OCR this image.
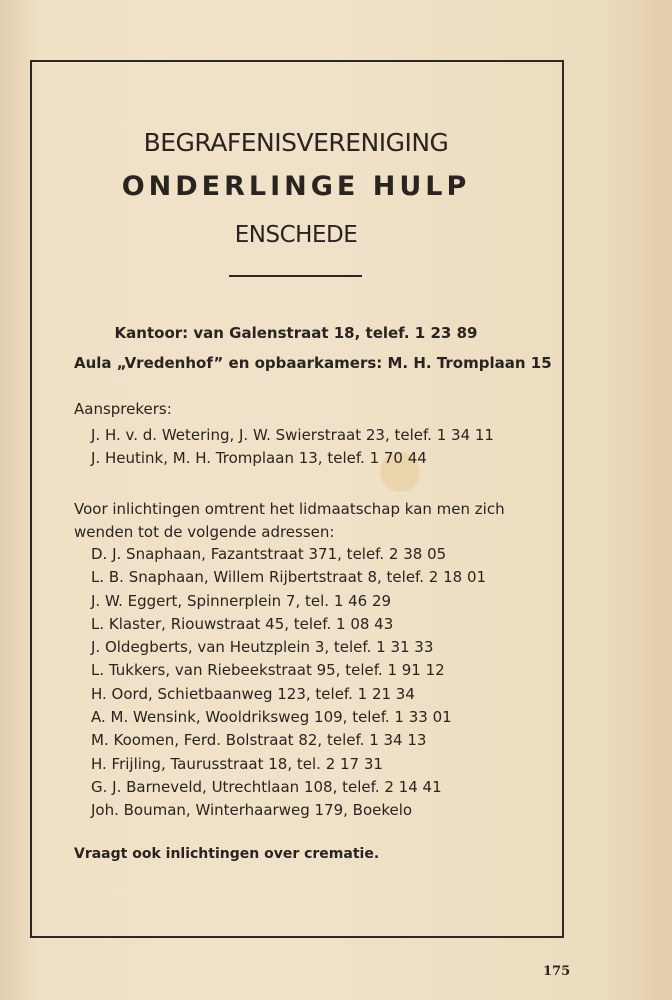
BEGRAFENISVERENIGING
ONDERLINGE HULP
ENSCHEDE
Kantoor: van Galenstraat 18, telef. 1 23 89
Aula „Vredenhof” en opbaarkamers: M. H. Tromplaan 15
Aansprekers:
J. H. v. d. Wetering, J. W. Swierstraat 23, telef. 1 34 11
J. Heutink, M. H. Tromplaan 13, telef. 1 70 44
Voor inlichtingen omtrent het lidmaatschap kan men zich wenden tot de volgende adressen:
D. J. Snaphaan, Fazantstraat 371, telef. 2 38 05
L. B. Snaphaan, Willem Rijbertstraat 8, telef. 2 18 01
J. W. Eggert, Spinnerplein 7, tel. 1 46 29
L. Klaster, Riouwstraat 45, telef. 1 08 43
J. Oldegberts, van Heutzplein 3, telef. 1 31 33
L. Tukkers, van Riebeekstraat 95, telef. 1 91 12
H. Oord, Schietbaanweg 123, telef. 1 21 34
A. M. Wensink, Wooldriksweg 109, telef. 1 33 01
M. Koomen, Ferd. Bolstraat 82, telef. 1 34 13
H. Frijling, Taurusstraat 18, tel. 2 17 31
G. J. Barneveld, Utrechtlaan 108, telef. 2 14 41
Joh. Bouman, Winterhaarweg 179, Boekelo
Vraagt ook inlichtingen over crematie.
175
